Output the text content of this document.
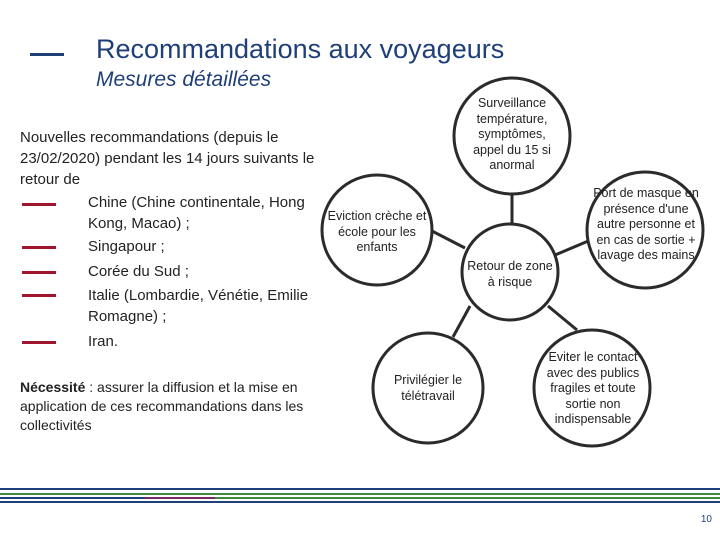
Recommandations aux voyageurs
Mesures détaillées
Nouvelles recommandations (depuis le 23/02/2020) pendant les 14 jours suivants le retour de
Chine (Chine continentale, Hong Kong, Macao) ;
Singapour ;
Corée du Sud ;
Italie (Lombardie, Vénétie, Emilie Romagne) ;
Iran.
Nécessité : assurer la diffusion et la mise en application de ces recommandations dans les collectivités
Surveillance température, symptômes, appel du 15 si anormal
Port de masque en présence d'une autre personne et en cas de sortie + lavage des mains
Eviter le contact avec des publics fragiles et toute sortie non indispensable
Privilégier le télétravail
Eviction crèche et école pour les enfants
Retour de zone à risque
10
